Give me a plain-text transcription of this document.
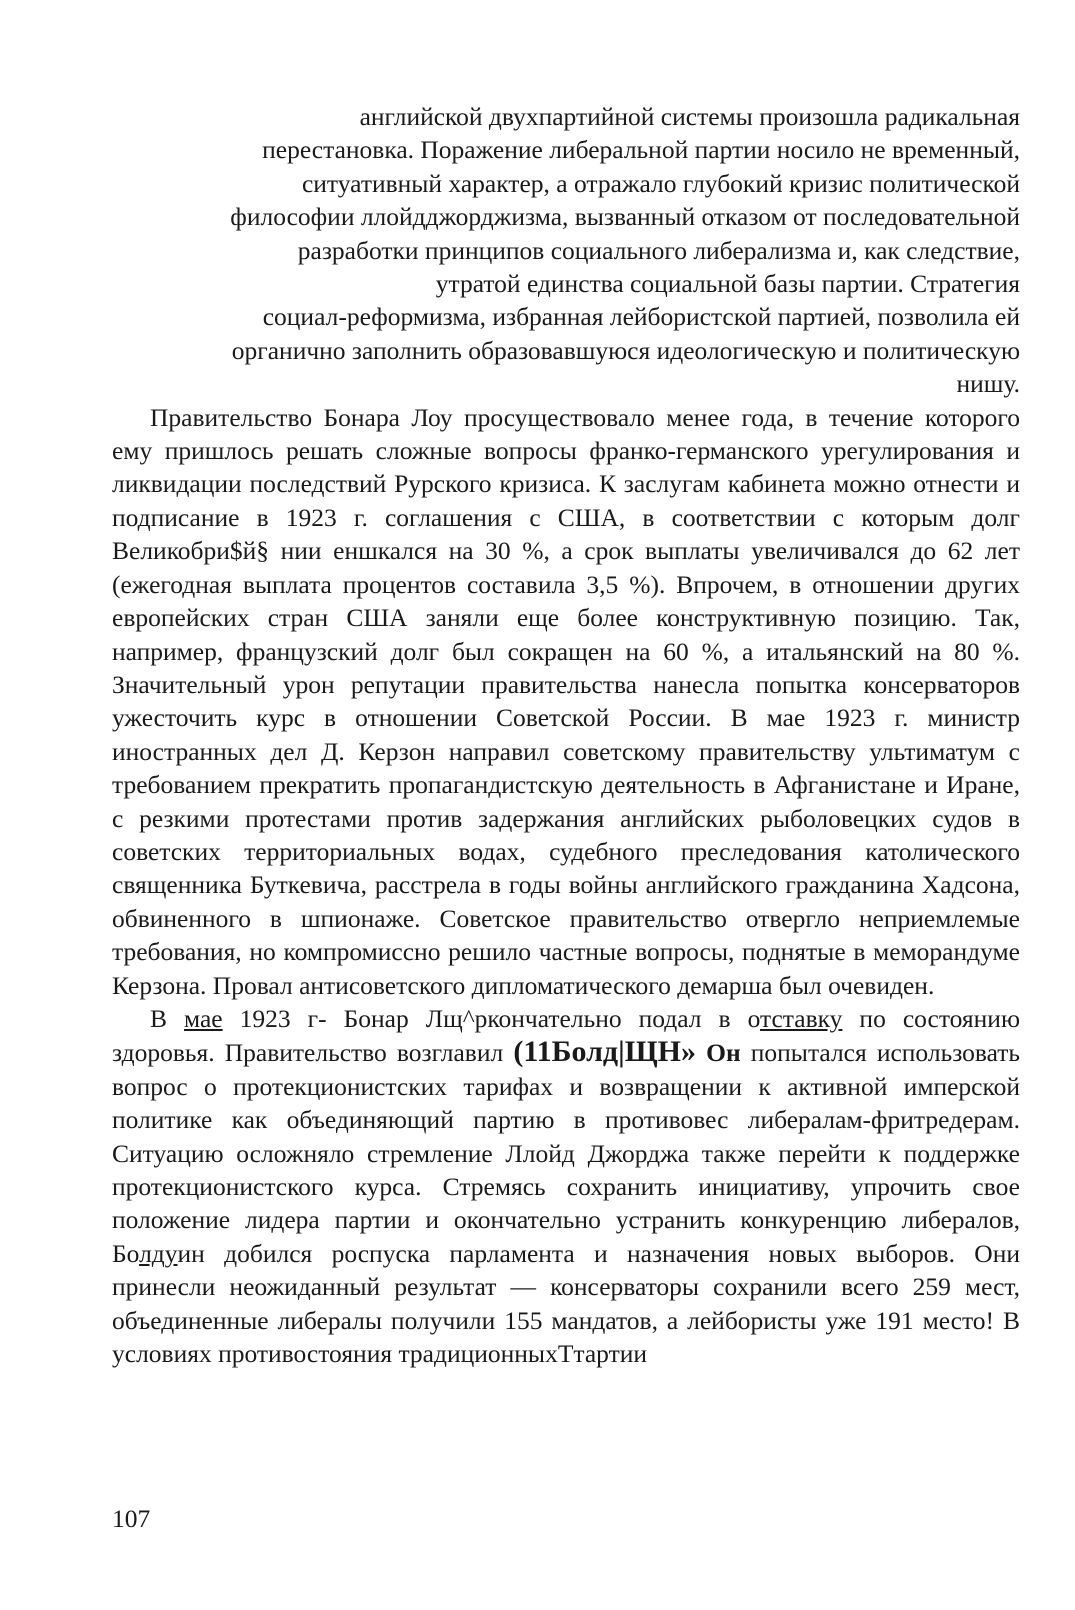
английской двухпартийной системы произошла радикальная
перестановка. Поражение либеральной партии носило не временный,
ситуативный характер, а отражало глубокий кризис политической
философии ллойдджорджизма, вызванный отказом от последовательной
разработки принципов социального либерализма и, как следствие,
утратой единства социальной базы партии. Стратегия
социал-реформизма, избранная лейбористской партией, позволила ей
органично заполнить образовавшуюся идеологическую и политическую
нишу.

Правительство Бонара Лоу просуществовало менее года, в течение которого ему пришлось решать сложные вопросы франко-германского урегулирования и ликвидации последствий Рурского кризиса. К заслугам кабинета можно отнести и подписание в 1923 г. соглашения с США, в соответствии с которым долг Великобри$й§ нии еншкался на 30 %, а срок выплаты увеличивался до 62 лет (ежегодная выплата процентов составила 3,5 %). Впрочем, в отношении других европейских стран США заняли еще более конструктивную позицию. Так, например, французский долг был сокращен на 60 %, а итальянский на 80 %. Значительный урон репутации правительства нанесла попытка консерваторов ужесточить курс в отношении Советской России. В мае 1923 г. министр иностранных дел Д. Керзон направил советскому правительству ультиматум с требованием прекратить пропагандистскую деятельность в Афганистане и Иране, с резкими протестами против задержания английских рыболовецких судов в советских территориальных водах, судебного преследования католического священника Буткевича, расстрела в годы войны английского гражданина Хадсона, обвиненного в шпионаже. Советское правительство отвергло неприемлемые требования, но компромиссно решило частные вопросы, поднятые в меморандуме Керзона. Провал антисоветского дипломатического демарша был очевиден.

В мае 1923 г- Бонар Лщ^ркончательно подал в отставку по состоянию здоровья. Правительство возглавил (11Болд|ЩН» Он попытался использовать вопрос о протекционистских тарифах и возвращении к активной имперской политике как объединяющий партию в противовес либералам-фритредерам. Ситуацию осложняло стремление Ллойд Джорджа также перейти к поддержке протекционистского курса. Стремясь сохранить инициативу, упрочить свое положение лидера партии и окончательно устранить конкуренцию либералов, Болдуин добился роспуска парламента и назначения новых выборов. Они принесли неожиданный результат — консерваторы сохранили всего 259 мест, объединенные либералы получили 155 мандатов, а лейбористы уже 191 место! В условиях противостояния традиционныхТтартии

107
